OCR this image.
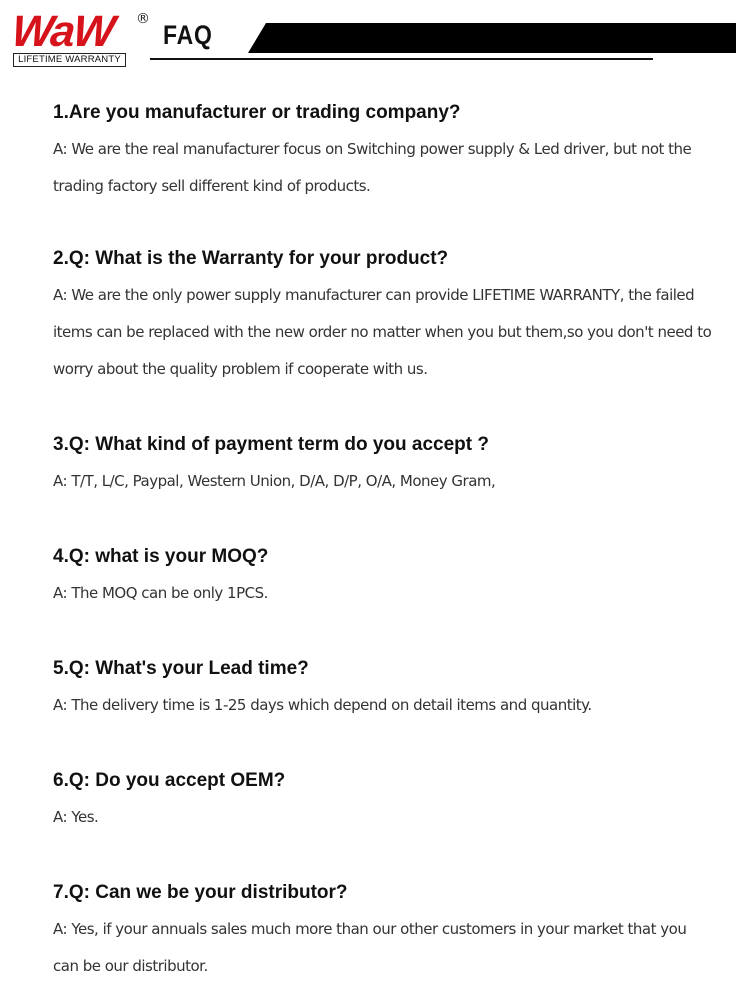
WaW ®
LIFETIME WARRANTY
FAQ
1.Are you manufacturer or trading company?
A: We are the real manufacturer focus on Switching power supply & Led driver, but not the trading factory sell different kind of products.
2.Q: What is the Warranty for your product?
A: We are the only power supply manufacturer can provide LIFETIME WARRANTY, the failed items can be replaced with the new order no matter when you but them,so you don't need to worry about the quality problem if cooperate with us.
3.Q: What kind of payment term do you accept ?
A: T/T, L/C, Paypal, Western Union, D/A, D/P, O/A, Money Gram,
4.Q: what is your MOQ?
A: The MOQ can be only 1PCS.
5.Q: What's your Lead time?
A: The delivery time is 1-25 days which depend on detail items and quantity.
6.Q: Do you accept OEM?
A: Yes.
7.Q: Can we be your distributor?
A: Yes, if your annuals sales much more than our other customers in your market that you can be our distributor.
